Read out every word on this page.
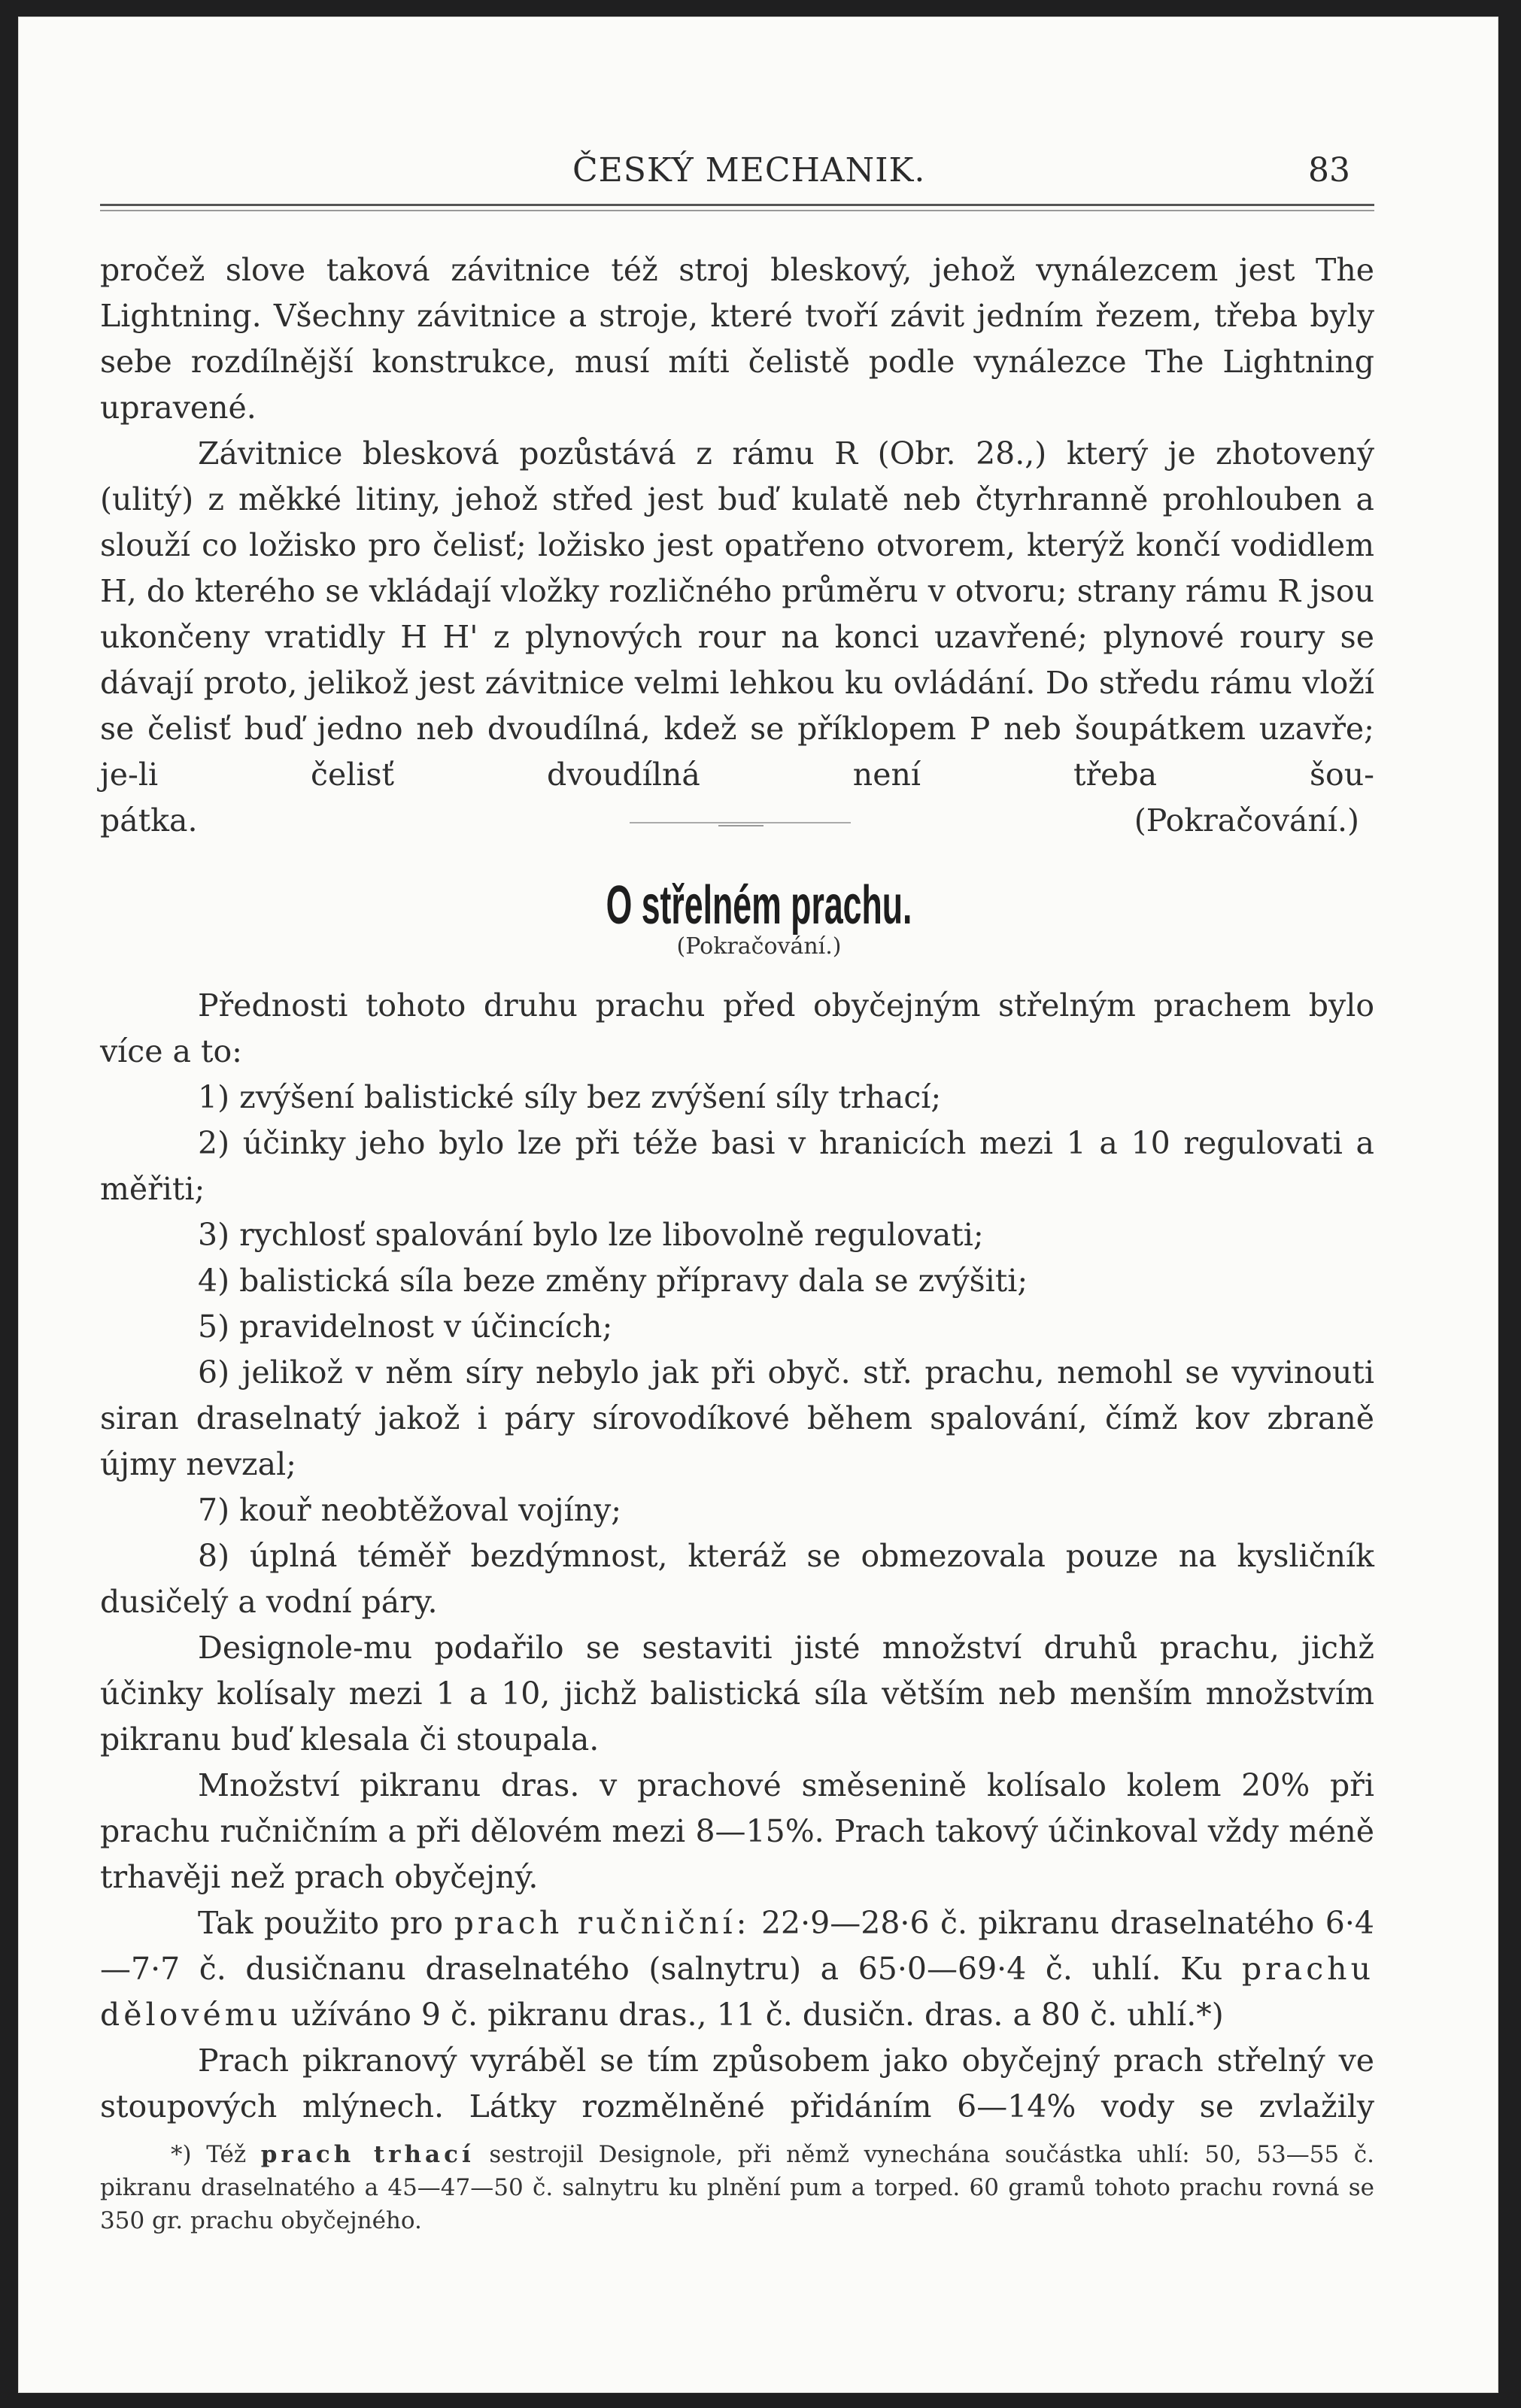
ČESKÝ MECHANIK.	83

pročež slove taková závitnice též stroj bleskový, jehož vynálezcem jest The Lightning. Všechny závitnice a stroje, které tvoří závit jedním řezem, třeba byly sebe rozdílnější konstrukce, musí míti čelistě podle vynálezce The Lightning upravené.

Závitnice blesková pozůstává z rámu R (Obr. 28.,) který je zhotovený (ulitý) z měkké litiny, jehož střed jest buď kulatě neb čtyrhranně prohlouben a slouží co ložisko pro čelisť; ložisko jest opatřeno otvorem, kterýž končí vodidlem H, do kterého se vkládají vložky rozličného průměru v otvoru; strany rámu R jsou ukončeny vratidly H H' z plynových rour na konci uzavřené; plynové roury se dávají proto, jelikož jest závitnice velmi lehkou ku ovládání. Do středu rámu vloží se čelisť buď jedno neb dvoudílná, kdež se příklopem P neb šoupátkem uzavře; je-li čelisť dvoudílná není třeba šou-

pátka.	(Pokračování.)
O střelném prachu.
(Pokračování.)

Přednosti tohoto druhu prachu před obyčejným střelným prachem bylo více a to:

1) zvýšení balistické síly bez zvýšení síly trhací;

2) účinky jeho bylo lze při téže basi v hranicích mezi 1 a 10 regulovati a měřiti;

3) rychlosť spalování bylo lze libovolně regulovati;

4) balistická síla beze změny přípravy dala se zvýšiti;

5) pravidelnost v účincích;

6) jelikož v něm síry nebylo jak při obyč. stř. prachu, nemohl se vyvinouti siran draselnatý jakož i páry sírovodíkové během spalování, čímž kov zbraně újmy nevzal;

7) kouř neobtěžoval vojíny;

8) úplná téměř bezdýmnost, kteráž se obmezovala pouze na kysličník dusičelý a vodní páry.

Designole-mu podařilo se sestaviti jisté množství druhů prachu, jichž účinky kolísaly mezi 1 a 10, jichž balistická síla větším neb menším množstvím pikranu buď klesala či stoupala.

Množství pikranu dras. v prachové směsenině kolísalo kolem 20% při prachu ručničním a při dělovém mezi 8—15%. Prach takový účinkoval vždy méně trhavěji než prach obyčejný.

Tak použito pro prach ručniční: 22·9—28·6 č. pikranu draselnatého 6·4—7·7 č. dusičnanu draselnatého (salnytru) a 65·0—69·4 č. uhlí. Ku prachu dělovému užíváno 9 č. pikranu dras., 11 č. dusičn. dras. a 80 č. uhlí.*)

Prach pikranový vyráběl se tím způsobem jako obyčejný prach střelný ve stoupových mlýnech. Látky rozmělněné přidáním 6—14% vody se zvlažily

*) Též prach trhací sestrojil Designole, při němž vynechána součástka uhlí: 50, 53—55 č. pikranu draselnatého a 45—47—50 č. salnytru ku plnění pum a torped. 60 gramů tohoto prachu rovná se 350 gr. prachu obyčejného.
